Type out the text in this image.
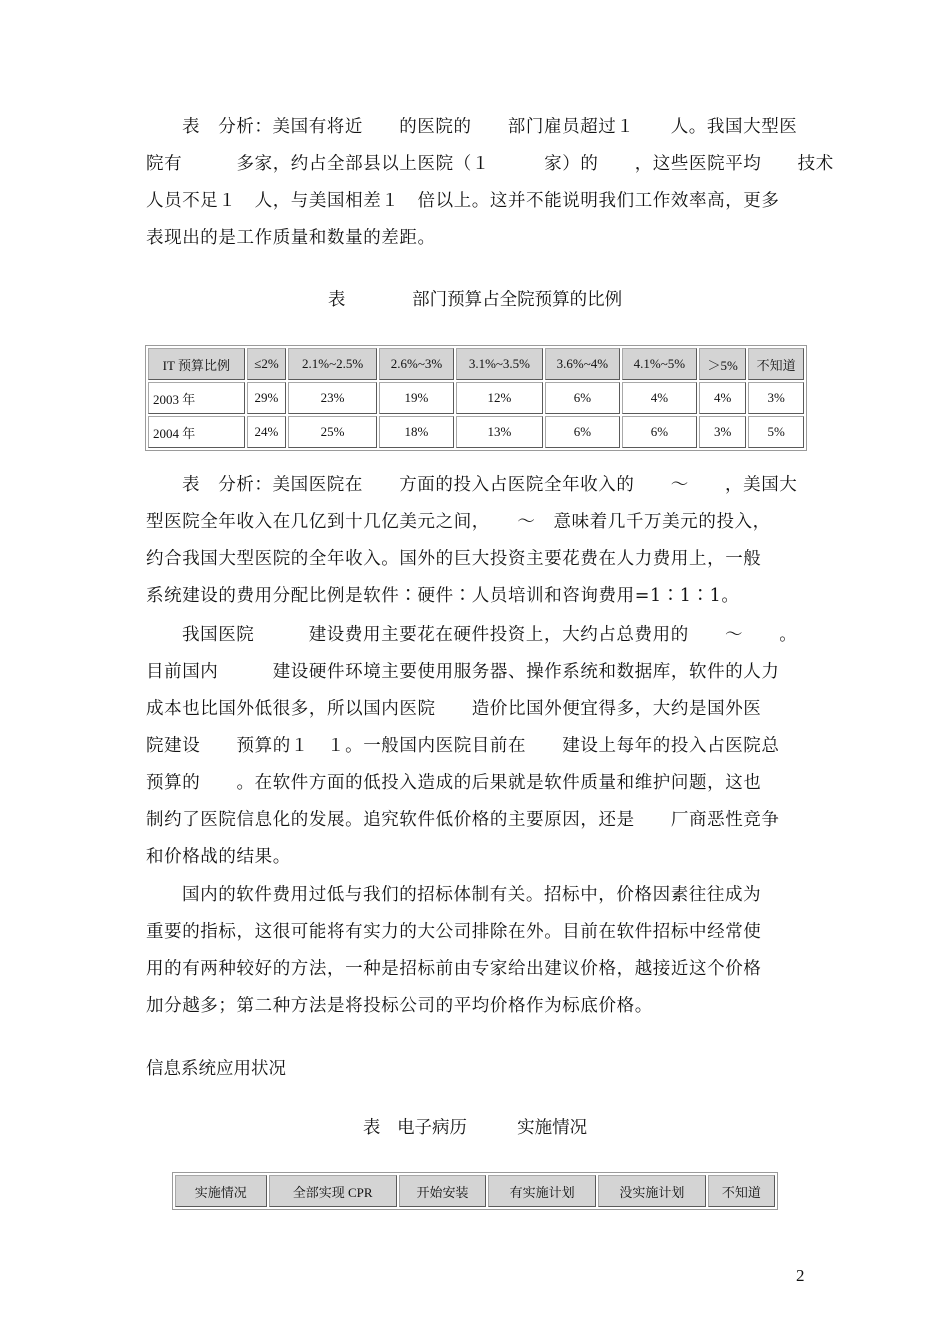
表　分析：美国有将近　　的医院的　　部门雇员超过１　　人。我国大型医
院有　　　多家，约占全部县以上医院（１　　　家）的　　，这些医院平均　　技术
人员不足１　人，与美国相差１　倍以上。这并不能说明我们工作效率高，更多
表现出的是工作质量和数量的差距。

表	部门预算占全院预算的比例

IT 预算比例	≤2%	2.1%~2.5%	2.6%~3%	3.1%~3.5%	3.6%~4%	4.1%~5%	＞5%	不知道
2003 年	29%	23%	19%	12%	6%	4%	4%	3%
2004 年	24%	25%	18%	13%	6%	6%	3%	5%
表　分析：美国医院在　　方面的投入占医院全年收入的　　～　　，美国大
型医院全年收入在几亿到十几亿美元之间，　　～　意味着几千万美元的投入，
约合我国大型医院的全年收入。国外的巨大投资主要花费在人力费用上，一般
系统建设的费用分配比例是软件∶硬件∶人员培训和咨询费用=1∶1∶1。
我国医院　　　建设费用主要花在硬件投资上，大约占总费用的　　～　　。
目前国内　　　建设硬件环境主要使用服务器、操作系统和数据库，软件的人力
成本也比国外低很多，所以国内医院　　造价比国外便宜得多，大约是国外医
院建设　　预算的１　１。一般国内医院目前在　　建设上每年的投入占医院总
预算的　　。在软件方面的低投入造成的后果就是软件质量和维护问题，这也
制约了医院信息化的发展。追究软件低价格的主要原因，还是　　厂商恶性竞争
和价格战的结果。
国内的软件费用过低与我们的招标体制有关。招标中，价格因素往往成为
重要的指标，这很可能将有实力的大公司排除在外。目前在软件招标中经常使
用的有两种较好的方法，一种是招标前由专家给出建议价格，越接近这个价格
加分越多；第二种方法是将投标公司的平均价格作为标底价格。

信息系统应用状况

表 电子病历	实施情况

实施情况	全部实现 CPR	开始安装	有实施计划	没实施计划	不知道
2
